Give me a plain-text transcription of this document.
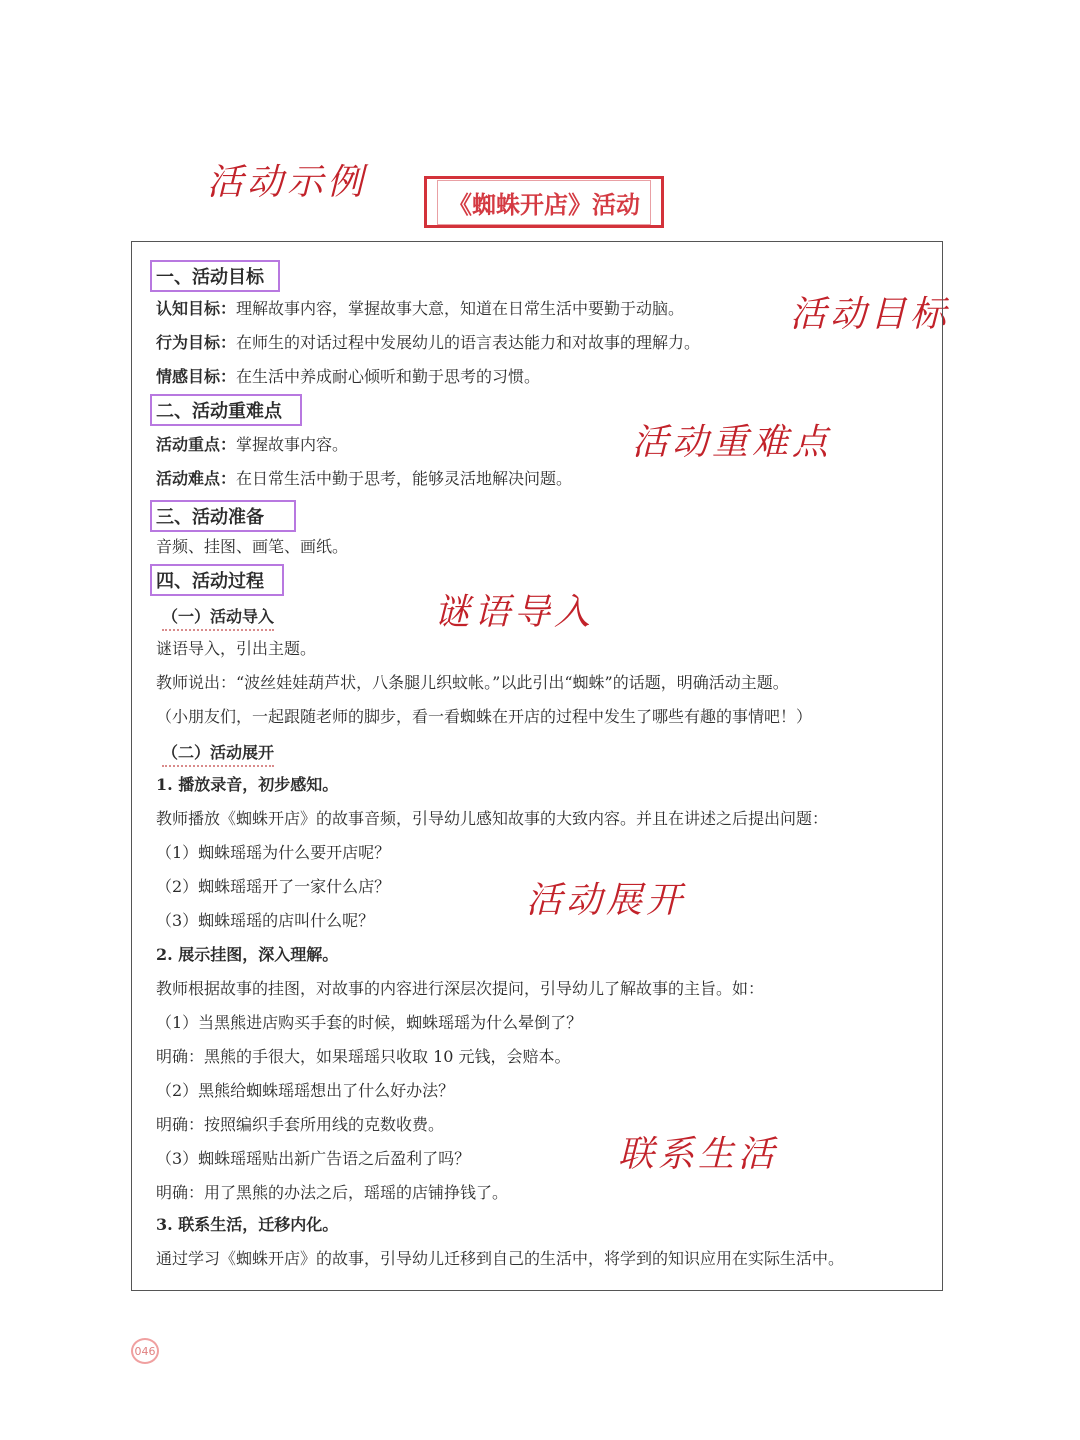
活动示例
活动目标
活动重难点
谜语导入
活动展开
联系生活
《蜘蛛开店》活动
一、活动目标
认知目标：理解故事内容，掌握故事大意，知道在日常生活中要勤于动脑。
行为目标：在师生的对话过程中发展幼儿的语言表达能力和对故事的理解力。
情感目标：在生活中养成耐心倾听和勤于思考的习惯。
二、活动重难点
活动重点：掌握故事内容。
活动难点：在日常生活中勤于思考，能够灵活地解决问题。
三、活动准备
音频、挂图、画笔、画纸。
四、活动过程
（一）活动导入
谜语导入，引出主题。
教师说出：“波丝娃娃葫芦状，八条腿儿织蚊帐。”以此引出“蜘蛛”的话题，明确活动主题。
（小朋友们，一起跟随老师的脚步，看一看蜘蛛在开店的过程中发生了哪些有趣的事情吧！）
（二）活动展开
1. 播放录音，初步感知。
教师播放《蜘蛛开店》的故事音频，引导幼儿感知故事的大致内容。并且在讲述之后提出问题：
（1）蜘蛛瑶瑶为什么要开店呢？
（2）蜘蛛瑶瑶开了一家什么店？
（3）蜘蛛瑶瑶的店叫什么呢？
2. 展示挂图，深入理解。
教师根据故事的挂图，对故事的内容进行深层次提问，引导幼儿了解故事的主旨。如：
（1）当黑熊进店购买手套的时候，蜘蛛瑶瑶为什么晕倒了？
明确：黑熊的手很大，如果瑶瑶只收取 10 元钱，会赔本。
（2）黑熊给蜘蛛瑶瑶想出了什么好办法？
明确：按照编织手套所用线的克数收费。
（3）蜘蛛瑶瑶贴出新广告语之后盈利了吗？
明确：用了黑熊的办法之后，瑶瑶的店铺挣钱了。
3. 联系生活，迁移内化。
通过学习《蜘蛛开店》的故事，引导幼儿迁移到自己的生活中，将学到的知识应用在实际生活中。
046
